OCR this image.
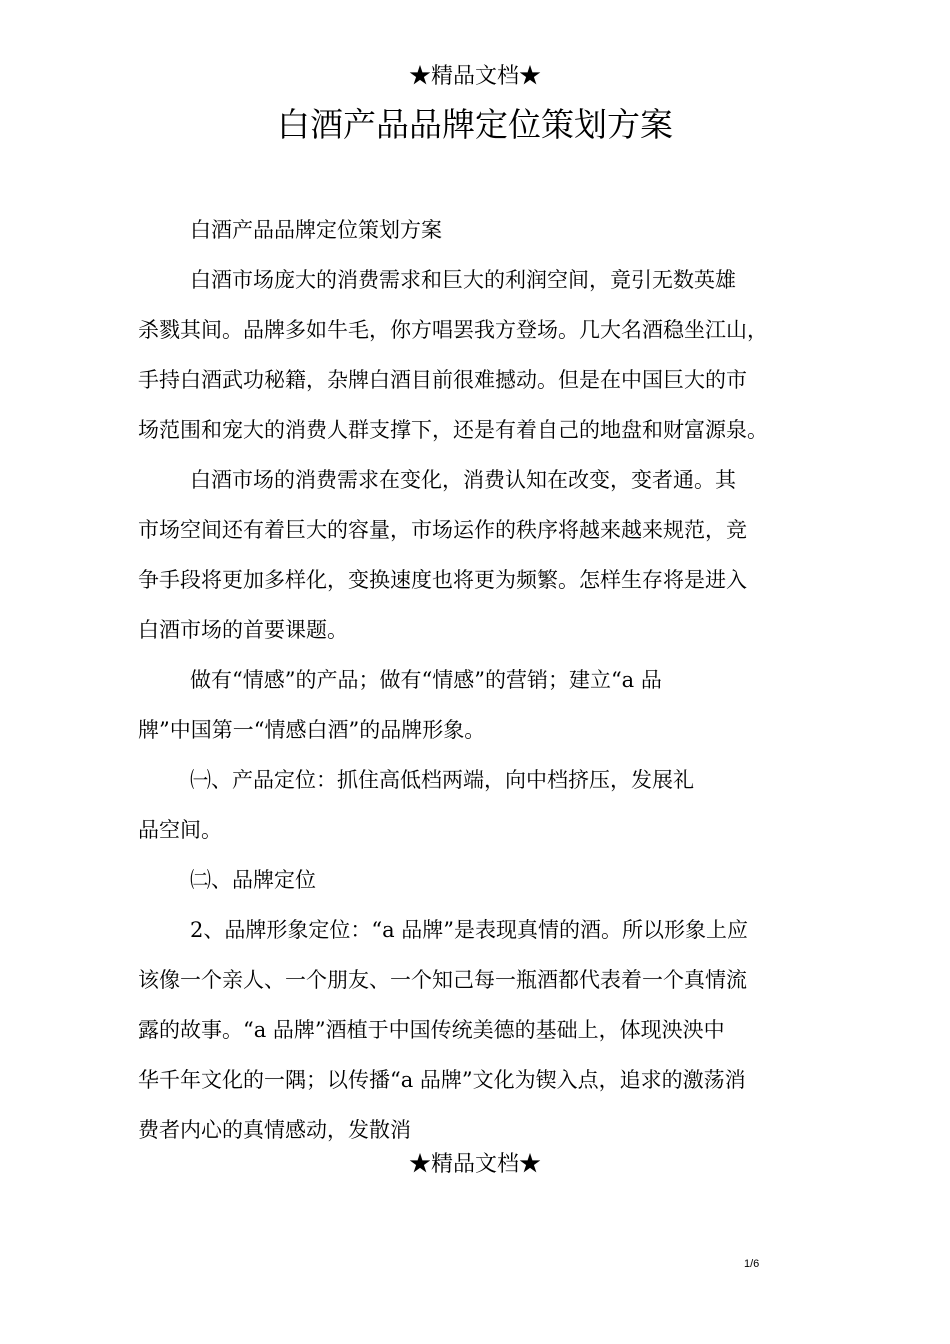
★精品文档★
白酒产品品牌定位策划方案

白酒产品品牌定位策划方案

白酒市场庞大的消费需求和巨大的利润空间，竟引无数英雄
杀戮其间。品牌多如牛毛，你方唱罢我方登场。几大名酒稳坐江山，
手持白酒武功秘籍，杂牌白酒目前很难撼动。但是在中国巨大的市
场范围和宠大的消费人群支撑下，还是有着自己的地盘和财富源泉。

白酒市场的消费需求在变化，消费认知在改变，变者通。其
市场空间还有着巨大的容量，市场运作的秩序将越来越来规范，竞
争手段将更加多样化，变换速度也将更为频繁。怎样生存将是进入
白酒市场的首要课题。

做有“情感”的产品；做有“情感”的营销；建立“a 品
牌”中国第一“情感白酒”的品牌形象。

㈠、产品定位：抓住高低档两端，向中档挤压，发展礼
品空间。

㈡、品牌定位

2、品牌形象定位：“a 品牌”是表现真情的酒。所以形象上应
该像一个亲人、一个朋友、一个知己每一瓶酒都代表着一个真情流
露的故事。“a 品牌”酒植于中国传统美德的基础上，体现泱泱中
华千年文化的一隅；以传播“a 品牌”文化为锲入点，追求的激荡消
费者内心的真情感动，发散消

★精品文档★
1/6
